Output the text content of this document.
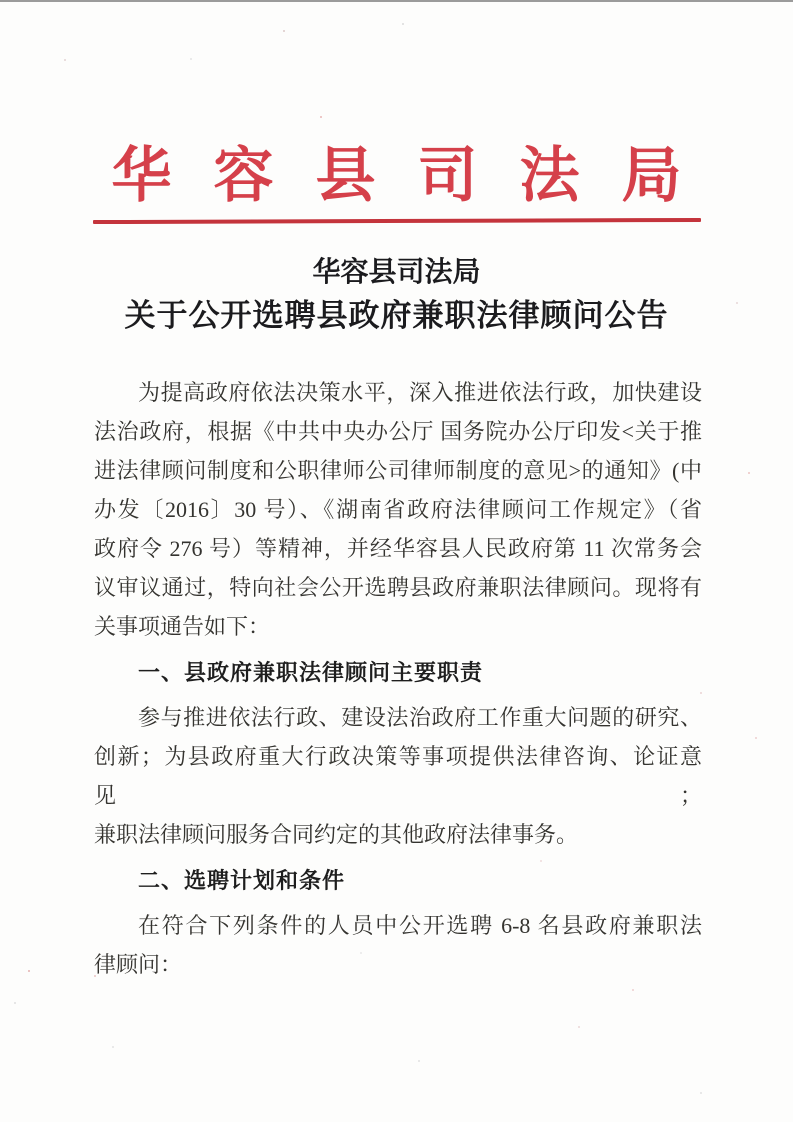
华容县司法局
华容县司法局
关于公开选聘县政府兼职法律顾问公告
为提高政府依法决策水平，深入推进依法行政，加快建设
法治政府，根据《中共中央办公厅 国务院办公厅印发<关于推
进法律顾问制度和公职律师公司律师制度的意见>的通知》(中
办发〔2016〕30 号）、《湖南省政府法律顾问工作规定》（省
政府令 276 号）等精神，并经华容县人民政府第 11 次常务会
议审议通过，特向社会公开选聘县政府兼职法律顾问。现将有
关事项通告如下：
一、县政府兼职法律顾问主要职责
参与推进依法行政、建设法治政府工作重大问题的研究、
创新；为县政府重大行政决策等事项提供法律咨询、论证意见；
兼职法律顾问服务合同约定的其他政府法律事务。
二、选聘计划和条件
在符合下列条件的人员中公开选聘 6-8 名县政府兼职法
律顾问：
